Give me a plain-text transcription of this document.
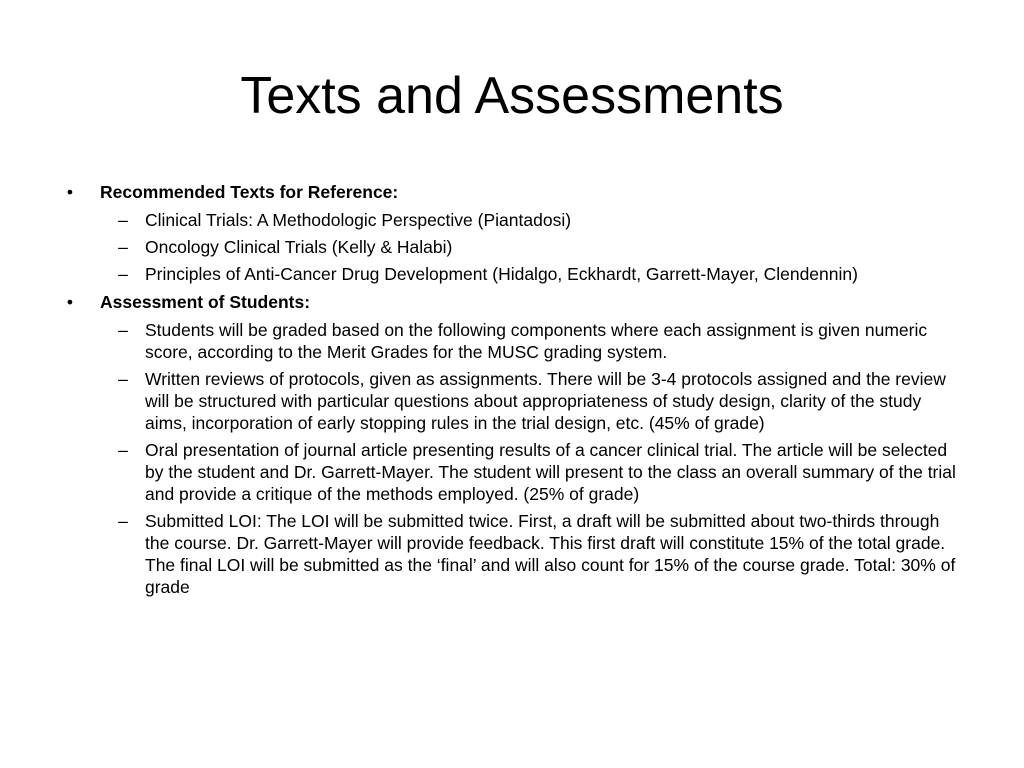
Texts and Assessments
•	Recommended Texts for Reference:
– Clinical Trials: A Methodologic Perspective (Piantadosi)
– Oncology Clinical Trials (Kelly & Halabi)
– Principles of Anti-Cancer Drug Development (Hidalgo, Eckhardt, Garrett-Mayer, Clendennin)
•	Assessment of Students:
– Students will be graded based on the following components where each assignment is given numeric score, according to the Merit Grades for the MUSC grading system.
– Written reviews of protocols, given as assignments. There will be 3-4 protocols assigned and the review will be structured with particular questions about appropriateness of study design, clarity of the study aims, incorporation of early stopping rules in the trial design, etc. (45% of grade)
– Oral presentation of journal article presenting results of a cancer clinical trial. The article will be selected by the student and Dr. Garrett-Mayer. The student will present to the class an overall summary of the trial and provide a critique of the methods employed. (25% of grade)
– Submitted LOI: The LOI will be submitted twice. First, a draft will be submitted about two-thirds through the course. Dr. Garrett-Mayer will provide feedback. This first draft will constitute 15% of the total grade. The final LOI will be submitted as the ‘final’ and will also count for 15% of the course grade. Total: 30% of grade
